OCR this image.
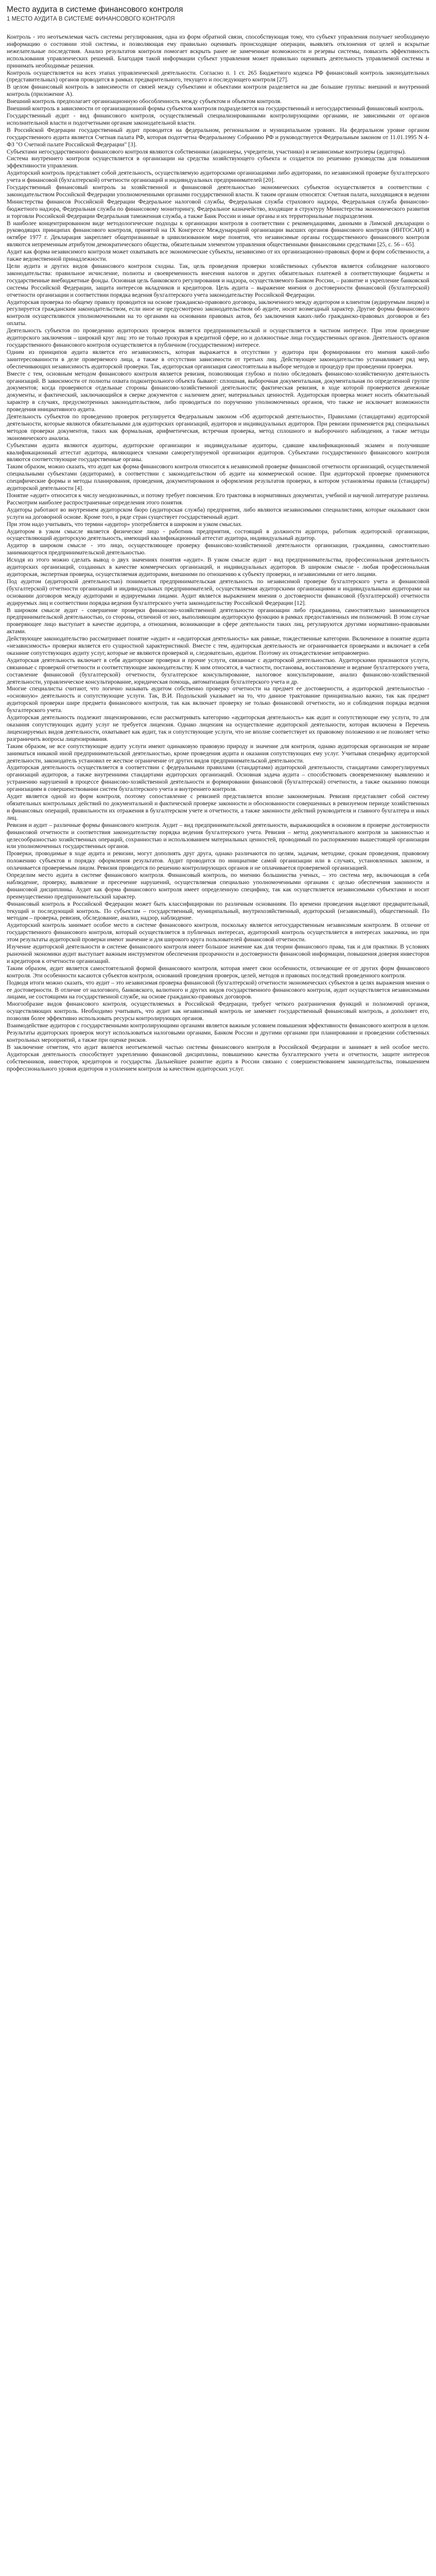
Место аудита в системе финансового контроля
1 МЕСТО АУДИТА В СИСТЕМЕ ФИНАНСОВОГО КОНТРОЛЯ

Контроль - это неотъемлемая часть системы регулирования, одна из форм обратной связи, способствующая тому, что субъект управления получает необходимую информацию о состоянии этой системы, и позволяющая ему правильно оценивать происходящие операции, выявлять отклонения от целей и вскрытые нежелательные последствия. Анализ результатов контроля помогает вскрыть ранее не замеченные возможности и резервы системы, повысить эффективность использования управленческих решений. Благодаря такой информации субъект управления может правильно оценивать деятельность управляемой системы и принимать необходимые решения.

Контроль осуществляется на всех этапах управленческой деятельности. Согласно п. 1 ст. 265 Бюджетного кодекса РФ финансовый контроль законодательных (представительных) органов проводится в рамках предварительного, текущего и последующего контроля [27].

В целом финансовый контроль в зависимости от связей между субъектами и объектами контроля разделяется на две большие группы: внешний и внутренний контроль (приложение А).

Внешний контроль предполагает организационную обособленность между субъектом и объектом контроля.

Внешний контроль в зависимости от организационной формы субъектов контроля подразделяется на государственный и негосударственный финансовый контроль.

Государственный аудит - вид финансового контроля, осуществляемый специализированными контролирующими органами, не зависимыми от органов исполнительной власти и подотчетными органам законодательной власти.

В Российской Федерации государственный аудит проводится на федеральном, региональном и муниципальном уровнях. На федеральном уровне органом государственного аудита является Счетная палата РФ, которая подотчетна Федеральному Собранию РФ и руководствуется Федеральным законом от 11.01.1995 N 4-ФЗ "О Счетной палате Российской Федерации" [3].

Субъектами негосударственного финансового контроля являются собственники (акционеры, учредители, участники) и независимые контролеры (аудиторы).

Система внутреннего контроля осуществляется в организации на средства хозяйствующего субъекта и создается по решению руководства для повышения эффективности управления.

Аудиторский контроль представляет собой деятельность, осуществляемую аудиторскими организациями либо аудиторами, по независимой проверке бухгалтерского учета и финансовой (бухгалтерской) отчетности организаций и индивидуальных предпринимателей [20].

Государственный финансовый контроль за хозяйственной и финансовой деятельностью экономических субъектов осуществляется в соответствии с законодательством Российской Федерации уполномоченными органами государственной власти. К таким органам относятся: Счетная палата, находящаяся в ведении Министерства финансов Российской Федерации Федеральное налоговой службы, Федеральная служба страхового надзора, Федеральная служба финансово-бюджетного надзора, Федеральная служба по финансовому мониторингу, Федеральное казначейство, входящие в структуру Министерства экономического развития и торговли Российской Федерации Федеральная таможенная служба, а также Банк России и иные органы и их территориальные подразделения.

В наиболее концентрированном виде методологические подходы к организации контроля в соответствии с рекомендациями, данными в Лимской декларации о руководящих принципах финансового контроля, принятой на IX Конгрессе Международной организации высших органов финансового контроля (ИНТОСАИ) в октябре 1977 г. Декларация закрепляет общепризнанные в цивилизованном мире понятия, что независимые органы государственного финансового контроля являются непременным атрибутом демократического общества, обязательным элементом управления общественными финансовыми средствами [25, с. 56 – 65].

Аудит как форма независимого контроля может охватывать все экономические субъекты, независимо от их организационно-правовых форм и форм собственности, а также ведомственной принадлежности.

Цели аудита и других видов финансового контроля сходны. Так, цель проведения проверки хозяйственных субъектов является соблюдение налогового законодательства: правильное исчисление, полноты и своевременность внесения налогов и других обязательных платежей в соответствующие бюджеты и государственные внебюджетные фонды. Основная цель банковского регулирования и надзора, осуществляемого Банком России, – развитие и укрепление банковской системы Российской Федерации, защита интересов вкладчиков и кредиторов. Цель аудита – выражение мнения о достоверности финансовой (бухгалтерской) отчетности организации и соответствии порядка ведения бухгалтерского учета законодательству Российской Федерации.

Аудиторская проверка по общему правилу проводится на основе гражданско-правового договора, заключенного между аудитором и клиентом (аудируемым лицом) и регулируется гражданским законодательством, если иное не предусмотрено законодательством об аудите, носит возмездный характер. Другие формы финансового контроля осуществляются уполномоченными на то органами на основании правовых актов, без заключения каких-либо гражданско-правовых договоров и без оплаты.

Деятельность субъектов по проведению аудиторских проверок является предпринимательской и осуществляется в частном интересе. При этом проведение аудиторского заключения – широкий круг лиц: это не только прокурая в кредитной сфере, но и должностные лица государственных органов. Деятельность органов государственного финансового контроля осуществляется в публичном (государственном) интересе.

Одним из принципов аудита является его независимость, которая выражается в отсутствии у аудитора при формировании его мнения какой-либо заинтересованности в деле проверяемого лица, а также в отсутствии зависимости от третьих лиц. Действующее законодательство устанавливает ряд мер, обеспечивающих независимость аудиторской проверки. Так, аудиторская организация самостоятельна в выборе методов и процедур при проведении проверки.

Вместе с тем, основным методом финансового контроля является ревизия, позволяющая глубоко и полно обследовать финансово-хозяйственную деятельность организаций. В зависимости от полноты охвата подконтрольного объекта бывают: сплошная, выборочная документальная, документальная по определенной группе документов; когда проверяются отдельные стороны финансово-хозяйственной деятельности; фактическая ревизия, в ходе которой проверяются денежные документы, и фактический, заключающийся в сверке документов с наличием денег, материальных ценностей. Аудиторская проверка может носить обязательный характер в случаях, предусмотренных законодательством, либо проводиться по поручению уполномоченных органов, что также не исключает возможности проведения инициативного аудита.

Деятельность субъектов по проведению проверок регулируется Федеральным законом «Об аудиторской деятельности», Правилами (стандартами) аудиторской деятельности, которые являются обязательными для аудиторских организаций, аудиторов и индивидуальных аудиторов. При ревизии применяется ряд специальных методов проверки документов, таких как формальная, арифметическая, встречная проверка, метод сплошного и выборочного наблюдения, а также методы экономического анализа.

Субъектами аудита являются аудиторы, аудиторские организации и индивидуальные аудиторы, сдавшие квалификационный экзамен и получившие квалификационный аттестат аудитора, являющиеся членами саморегулируемой организации аудиторов. Субъектами государственного финансового контроля являются соответствующие государственные органы.

Таким образом, можно сказать, что аудит как форма финансового контроля относится к независимой проверке финансовой отчетности организаций, осуществляемой специальными субъектами (аудиторами), в соответствии с законодательством об аудите на коммерческой основе. При аудиторской проверке применяются специфические формы и методы планирования, проведения, документирования и оформления результатов проверки, в котором установлены правила (стандарты) аудиторской деятельности [4].

Понятие «аудит» относится к числу неоднозначных, и потому требует пояснения. Его трактовка в нормативных документах, учебной и научной литературе различна. Рассмотрим наиболее распространенные определения этого понятия.

Аудиторы работают во внутреннем аудиторском бюро (аудиторская служба) предприятия, либо являются независимыми специалистами, которые оказывают свои услуги на договорной основе. Кроме того, в ряде стран существует государственный аудит.

При этом надо учитывать, что термин «аудитор» употребляется в широком и узком смыслах.

Аудитором в узком смысле является физическое лицо - работник предприятия, состоящий в должности аудитора, работник аудиторской организации, осуществляющий аудиторскую деятельность, имеющий квалификационный аттестат аудитора, индивидуальный аудитор.

Аудитор в широком смысле - это лицо, осуществляющее проверку финансово-хозяйственной деятельности организации, гражданина, самостоятельно занимающегося предпринимательской деятельностью.

Исходя из этого можно сделать вывод о двух значениях понятия «аудит». В узком смысле аудит - вид предпринимательства, профессиональная деятельность аудиторских организаций, созданных в качестве коммерческих организаций, и индивидуальных аудиторов. В широком смысле - любая профессиональная аудиторская, экспертная проверка, осуществляемая аудиторами, внешними по отношению к субъекту проверки, и независимыми от него лицами.

Под аудитом (аудиторской деятельностью) понимается предпринимательская деятельность по независимой проверке бухгалтерского учета и финансовой (бухгалтерской) отчетности организаций и индивидуальных предпринимателей, осуществляемая аудиторскими организациями и индивидуальными аудиторами на основании договоров между аудиторами и аудируемыми лицами. Аудит является выражением мнения о достоверности финансовой (бухгалтерской) отчетности аудируемых лиц и соответствии порядка ведения бухгалтерского учета законодательству Российской Федерации [12].

В широком смысле аудит - совершение проверки финансово-хозяйственной деятельности организации либо гражданина, самостоятельно занимающегося предпринимательской деятельностью, со стороны, отличной от них, выполняющим аудиторскую функцию в рамках предоставленных им полномочий. В этом случае проверяющее лицо выступает в качестве аудитора, а отношения, возникающие в сфере деятельности таких лиц, регулируются другими нормативно-правовыми актами.

Действующее законодательство рассматривает понятие «аудит» и «аудиторская деятельность» как равные, тождественные категории. Включенное в понятие аудита «независимость» проверки является его сущностной характеристикой. Вместе с тем, аудиторская деятельность не ограничивается проверками и включает в себя оказание сопутствующих аудиту услуг, которые не являются проверкой и, следовательно, аудитом. Поэтому их отождествление неправомерно.

Аудиторская деятельность включает в себя аудиторские проверки и прочие услуги, связанные с аудиторской деятельностью. Аудиторскими признаются услуги, связанные с проверкой отчетности и соответствующие законодательству. К ним относятся, в частности, постановка, восстановление и ведение бухгалтерского учета, составление финансовой (бухгалтерской) отчетности, бухгалтерское консультирование, налоговое консультирование, анализ финансово-хозяйственной деятельности, управленческое консультирование, юридическая помощь, автоматизация бухгалтерского учета и др.

Многие специалисты считают, что логично называть аудитом собственно проверку отчетности на предмет ее достоверности, а аудиторской деятельностью - «основную» деятельность и сопутствующие услуги. Так, В.И. Подольский указывает на то, что данное трактование принципиально важно, так как предмет аудиторской проверки шире предмета финансового контроля, так как включает проверку не только финансовой отчетности, но и соблюдения порядка ведения бухгалтерского учета.

Аудиторская деятельность подлежит лицензированию, если рассматривать категорию «аудиторская деятельность» как аудит и сопутствующие ему услуги, то для оказания сопутствующих аудиту услуг не требуется лицензия. Однако лицензия на осуществление аудиторской деятельности, которая включена в Перечень лицензируемых видов деятельности, охватывает как аудит, так и сопутствующие услуги, что не вполне соответствует их правовому положению и не позволяет четко разграничить вопросы лицензирования.

Таким образом, не все сопутствующие аудиту услуги имеют одинаковую правовую природу и значение для контроля, однако аудиторская организация не вправе заниматься никакой иной предпринимательской деятельностью, кроме проведения аудита и оказания сопутствующих ему услуг. Учитывая специфику аудиторской деятельности, законодатель установил ее жесткое ограничение от других видов предпринимательской деятельности.

Аудиторская деятельность осуществляется в соответствии с федеральными правилами (стандартами) аудиторской деятельности, стандартами саморегулируемых организаций аудиторов, а также внутренними стандартами аудиторских организаций. Основная задача аудита – способствовать своевременному выявлению и устранению нарушений в процессе финансово-хозяйственной деятельности и формировании финансовой (бухгалтерской) отчетности, а также оказанию помощи организациям в совершенствовании систем бухгалтерского учета и внутреннего контроля.

Аудит является одной из форм контроля, поэтому сопоставление с ревизией представляется вполне закономерным. Ревизия представляет собой систему обязательных контрольных действий по документальной и фактической проверке законности и обоснованности совершенных в ревизуемом периоде хозяйственных и финансовых операций, правильности их отражения в бухгалтерском учете и отчетности, а также законности действий руководителя и главного бухгалтера и иных лиц.

Ревизия и аудит – различные формы финансового контроля. Аудит – вид предпринимательской деятельности, выражающийся в основном в проверке достоверности финансовой отчетности и соответствия законодательству порядка ведения бухгалтерского учета. Ревизия – метод документального контроля за законностью и целесообразностью хозяйственных операций, сохранностью и использованием материальных ценностей, проводимый по распоряжению вышестоящей организации или уполномоченных государственных органов.

Проверки, проводимые в ходе аудита и ревизии, могут дополнять друг друга, однако различаются по целям, задачам, методике, срокам проведения, правовому положению субъектов и порядку оформления результатов. Аудит проводится по инициативе самой организации или в случаях, установленных законом, и оплачивается проверяемым лицом. Ревизия проводится по решению контролирующих органов и не оплачивается проверяемой организацией.

Определим место аудита в системе финансового контроля. Финансовый контроль, по мнению большинства ученых, – это система мер, включающая в себя наблюдение, проверку, выявление и пресечение нарушений, осуществляемая специально уполномоченными органами с целью обеспечения законности и финансовой дисциплины. Аудит как форма финансового контроля имеет определенную специфику, так как осуществляется независимыми субъектами и носит преимущественно предпринимательский характер.

Финансовый контроль в Российской Федерации может быть классифицирован по различным основаниям. По времени проведения выделяют предварительный, текущий и последующий контроль. По субъектам – государственный, муниципальный, внутрихозяйственный, аудиторский (независимый), общественный. По методам – проверка, ревизия, обследование, анализ, надзор, наблюдение.

Аудиторский контроль занимает особое место в системе финансового контроля, поскольку является негосударственным независимым контролем. В отличие от государственного финансового контроля, который осуществляется в публичных интересах, аудиторский контроль осуществляется в интересах заказчика, но при этом результаты аудиторской проверки имеют значение и для широкого круга пользователей финансовой отчетности.

Изучение аудиторской деятельности в системе финансового контроля имеет большое значение как для теории финансового права, так и для практики. В условиях рыночной экономики аудит выступает важным инструментом обеспечения прозрачности и достоверности финансовой информации, повышения доверия инвесторов и кредиторов к отчетности организаций.

Таким образом, аудит является самостоятельной формой финансового контроля, которая имеет свои особенности, отличающие ее от других форм финансового контроля. Эти особенности касаются субъектов контроля, оснований проведения проверок, целей, методов и правовых последствий проведенного контроля.

Подводя итоги можно сказать, что аудит – это независимая проверка финансовой (бухгалтерской) отчетности экономических субъектов в целях выражения мнения о ее достоверности. В отличие от налогового, банковского, валютного и других видов государственного финансового контроля, аудит осуществляется независимыми лицами, не состоящими на государственной службе, на основе гражданско-правовых договоров.

Многообразие видов финансового контроля, осуществляемых в Российской Федерации, требует четкого разграничения функций и полномочий органов, осуществляющих контроль. Необходимо учитывать, что аудит как независимый контроль не заменяет государственный финансовый контроль, а дополняет его, позволяя более эффективно использовать ресурсы контролирующих органов.

Взаимодействие аудиторов с государственными контролирующими органами является важным условием повышения эффективности финансового контроля в целом. Результаты аудиторских проверок могут использоваться налоговыми органами, Банком России и другими органами при планировании и проведении собственных контрольных мероприятий, а также при оценке рисков.

В заключение отметим, что аудит является неотъемлемой частью системы финансового контроля в Российской Федерации и занимает в ней особое место. Аудиторская деятельность способствует укреплению финансовой дисциплины, повышению качества бухгалтерского учета и отчетности, защите интересов собственников, инвесторов, кредиторов и государства. Дальнейшее развитие аудита в России связано с совершенствованием законодательства, повышением профессионального уровня аудиторов и усилением контроля за качеством аудиторских услуг.
